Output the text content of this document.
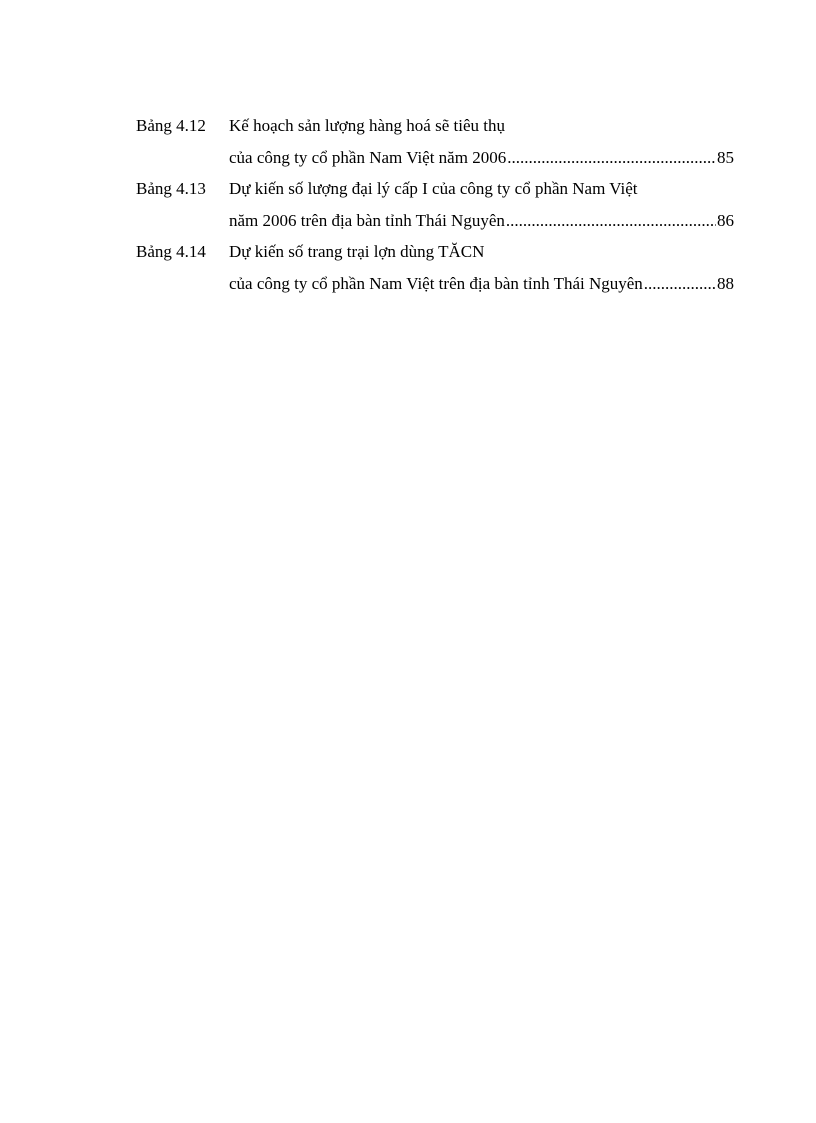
Bảng 4.12 Kế hoạch sản lượng hàng hoá sẽ tiêu thụ
của công ty cổ phần Nam Việt năm 2006 .....	85
Bảng 4.13 Dự kiến số lượng đại lý cấp I của công ty cổ phần Nam Việt
năm 2006 trên địa bàn tỉnh Thái Nguyên .....	86
Bảng 4.14 Dự kiến số trang trại lợn dùng TĂCN
của công ty cổ phần Nam Việt trên địa bàn tỉnh Thái Nguyên .....	88
